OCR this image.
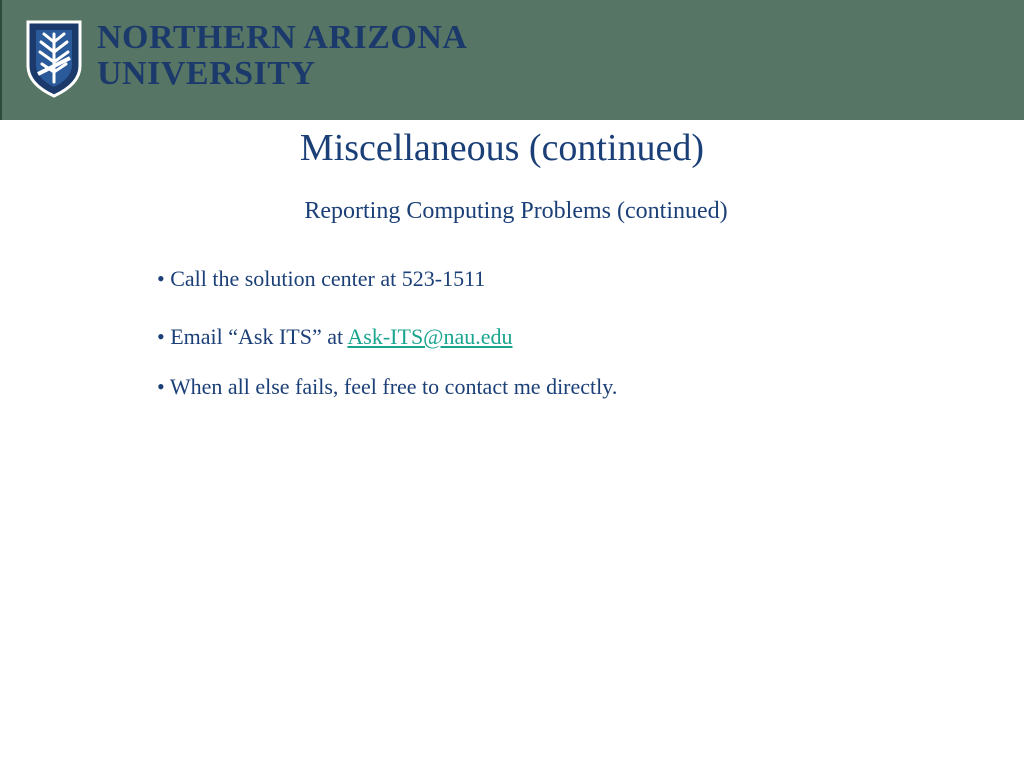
NORTHERN ARIZONA
UNIVERSITY
Miscellaneous (continued)
Reporting Computing Problems (continued)
• Call the solution center at 523-1511
• Email “Ask ITS” at Ask-ITS@nau.edu
• When all else fails, feel free to contact me directly.
